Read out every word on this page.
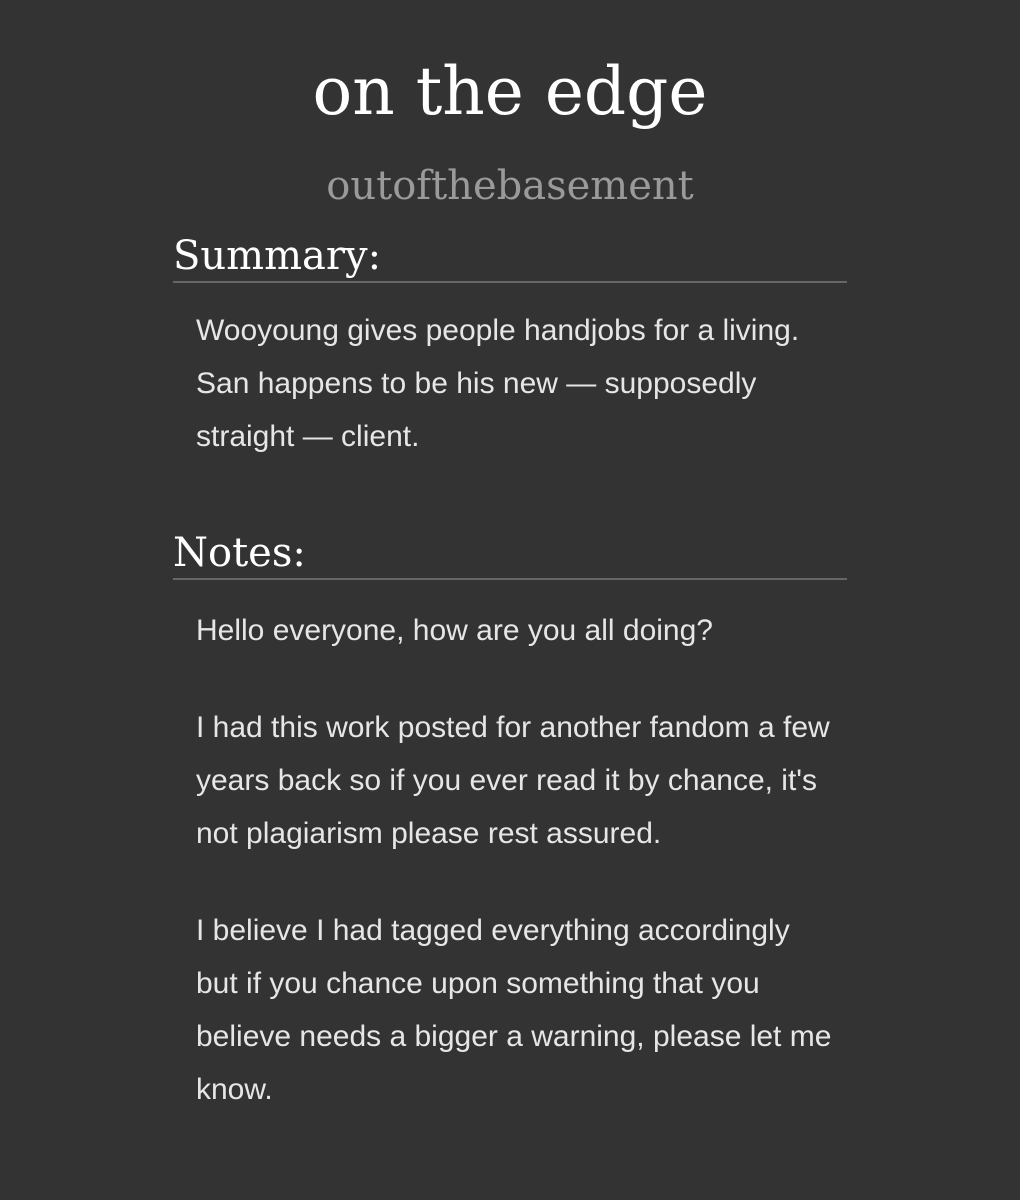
on the edge
outofthebasement
Summary:

Wooyoung gives people handjobs for a living. San happens to be his new — supposedly straight — client.

Notes:

Hello everyone, how are you all doing?

I had this work posted for another fandom a few years back so if you ever read it by chance, it's not plagiarism please rest assured.

I believe I had tagged everything accordingly but if you chance upon something that you believe needs a bigger a warning, please let me know.
